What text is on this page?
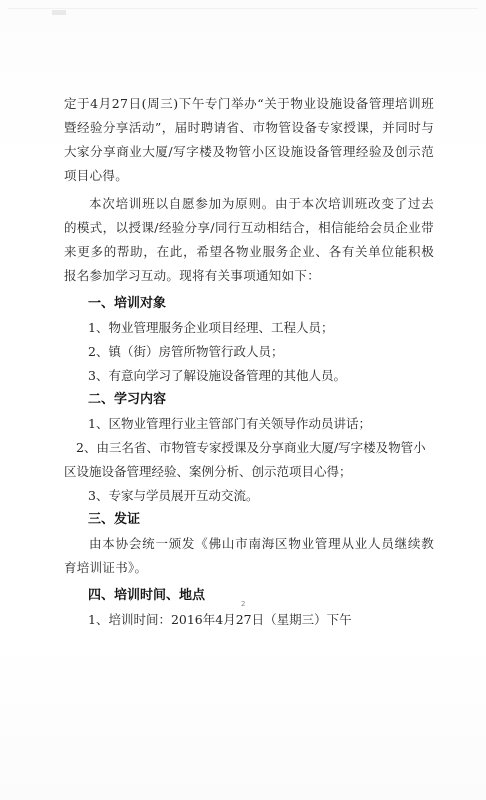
定于4月27日(周三)下午专门举办“关于物业设施设备管理培训班暨经验分享活动”，届时聘请省、市物管设备专家授课，并同时与大家分享商业大厦/写字楼及物管小区设施设备管理经验及创示范项目心得。

本次培训班以自愿参加为原则。由于本次培训班改变了过去的模式，以授课/经验分享/同行互动相结合，相信能给会员企业带来更多的帮助，在此，希望各物业服务企业、各有关单位能积极报名参加学习互动。现将有关事项通知如下：

一、培训对象
1、物业管理服务企业项目经理、工程人员；
2、镇（街）房管所物管行政人员；
3、有意向学习了解设施设备管理的其他人员。
二、学习内容
1、区物业管理行业主管部门有关领导作动员讲话；
2、由三名省、市物管专家授课及分享商业大厦/写字楼及物管小区设施设备管理经验、案例分析、创示范项目心得；
3、专家与学员展开互动交流。
三、发证

由本协会统一颁发《佛山市南海区物业管理从业人员继续教育培训证书》。

四、培训时间、地点
1、培训时间：2016年4月27日（星期三）下午
2
